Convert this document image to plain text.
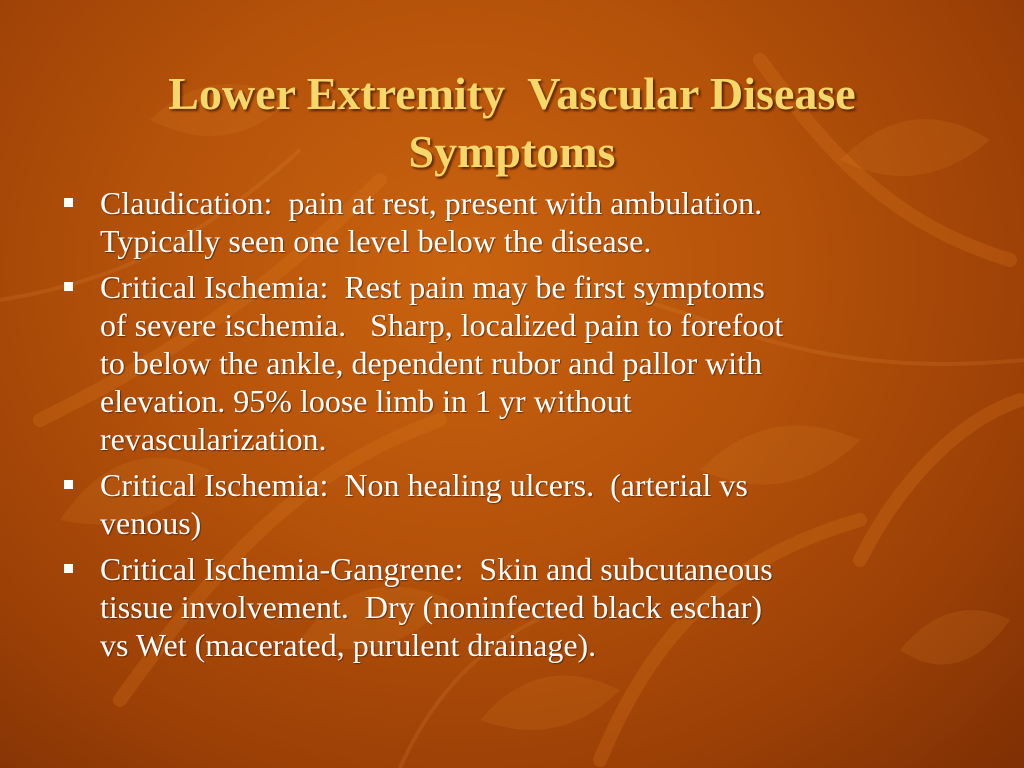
Lower Extremity  Vascular Disease
Symptoms
Claudication:  pain at rest, present with ambulation.
Typically seen one level below the disease.
Critical Ischemia:  Rest pain may be first symptoms
of severe ischemia.   Sharp, localized pain to forefoot
to below the ankle, dependent rubor and pallor with
elevation. 95% loose limb in 1 yr without
revascularization.
Critical Ischemia:  Non healing ulcers.  (arterial vs
venous)
Critical Ischemia-Gangrene:  Skin and subcutaneous
tissue involvement.  Dry (noninfected black eschar)
vs Wet (macerated, purulent drainage).
